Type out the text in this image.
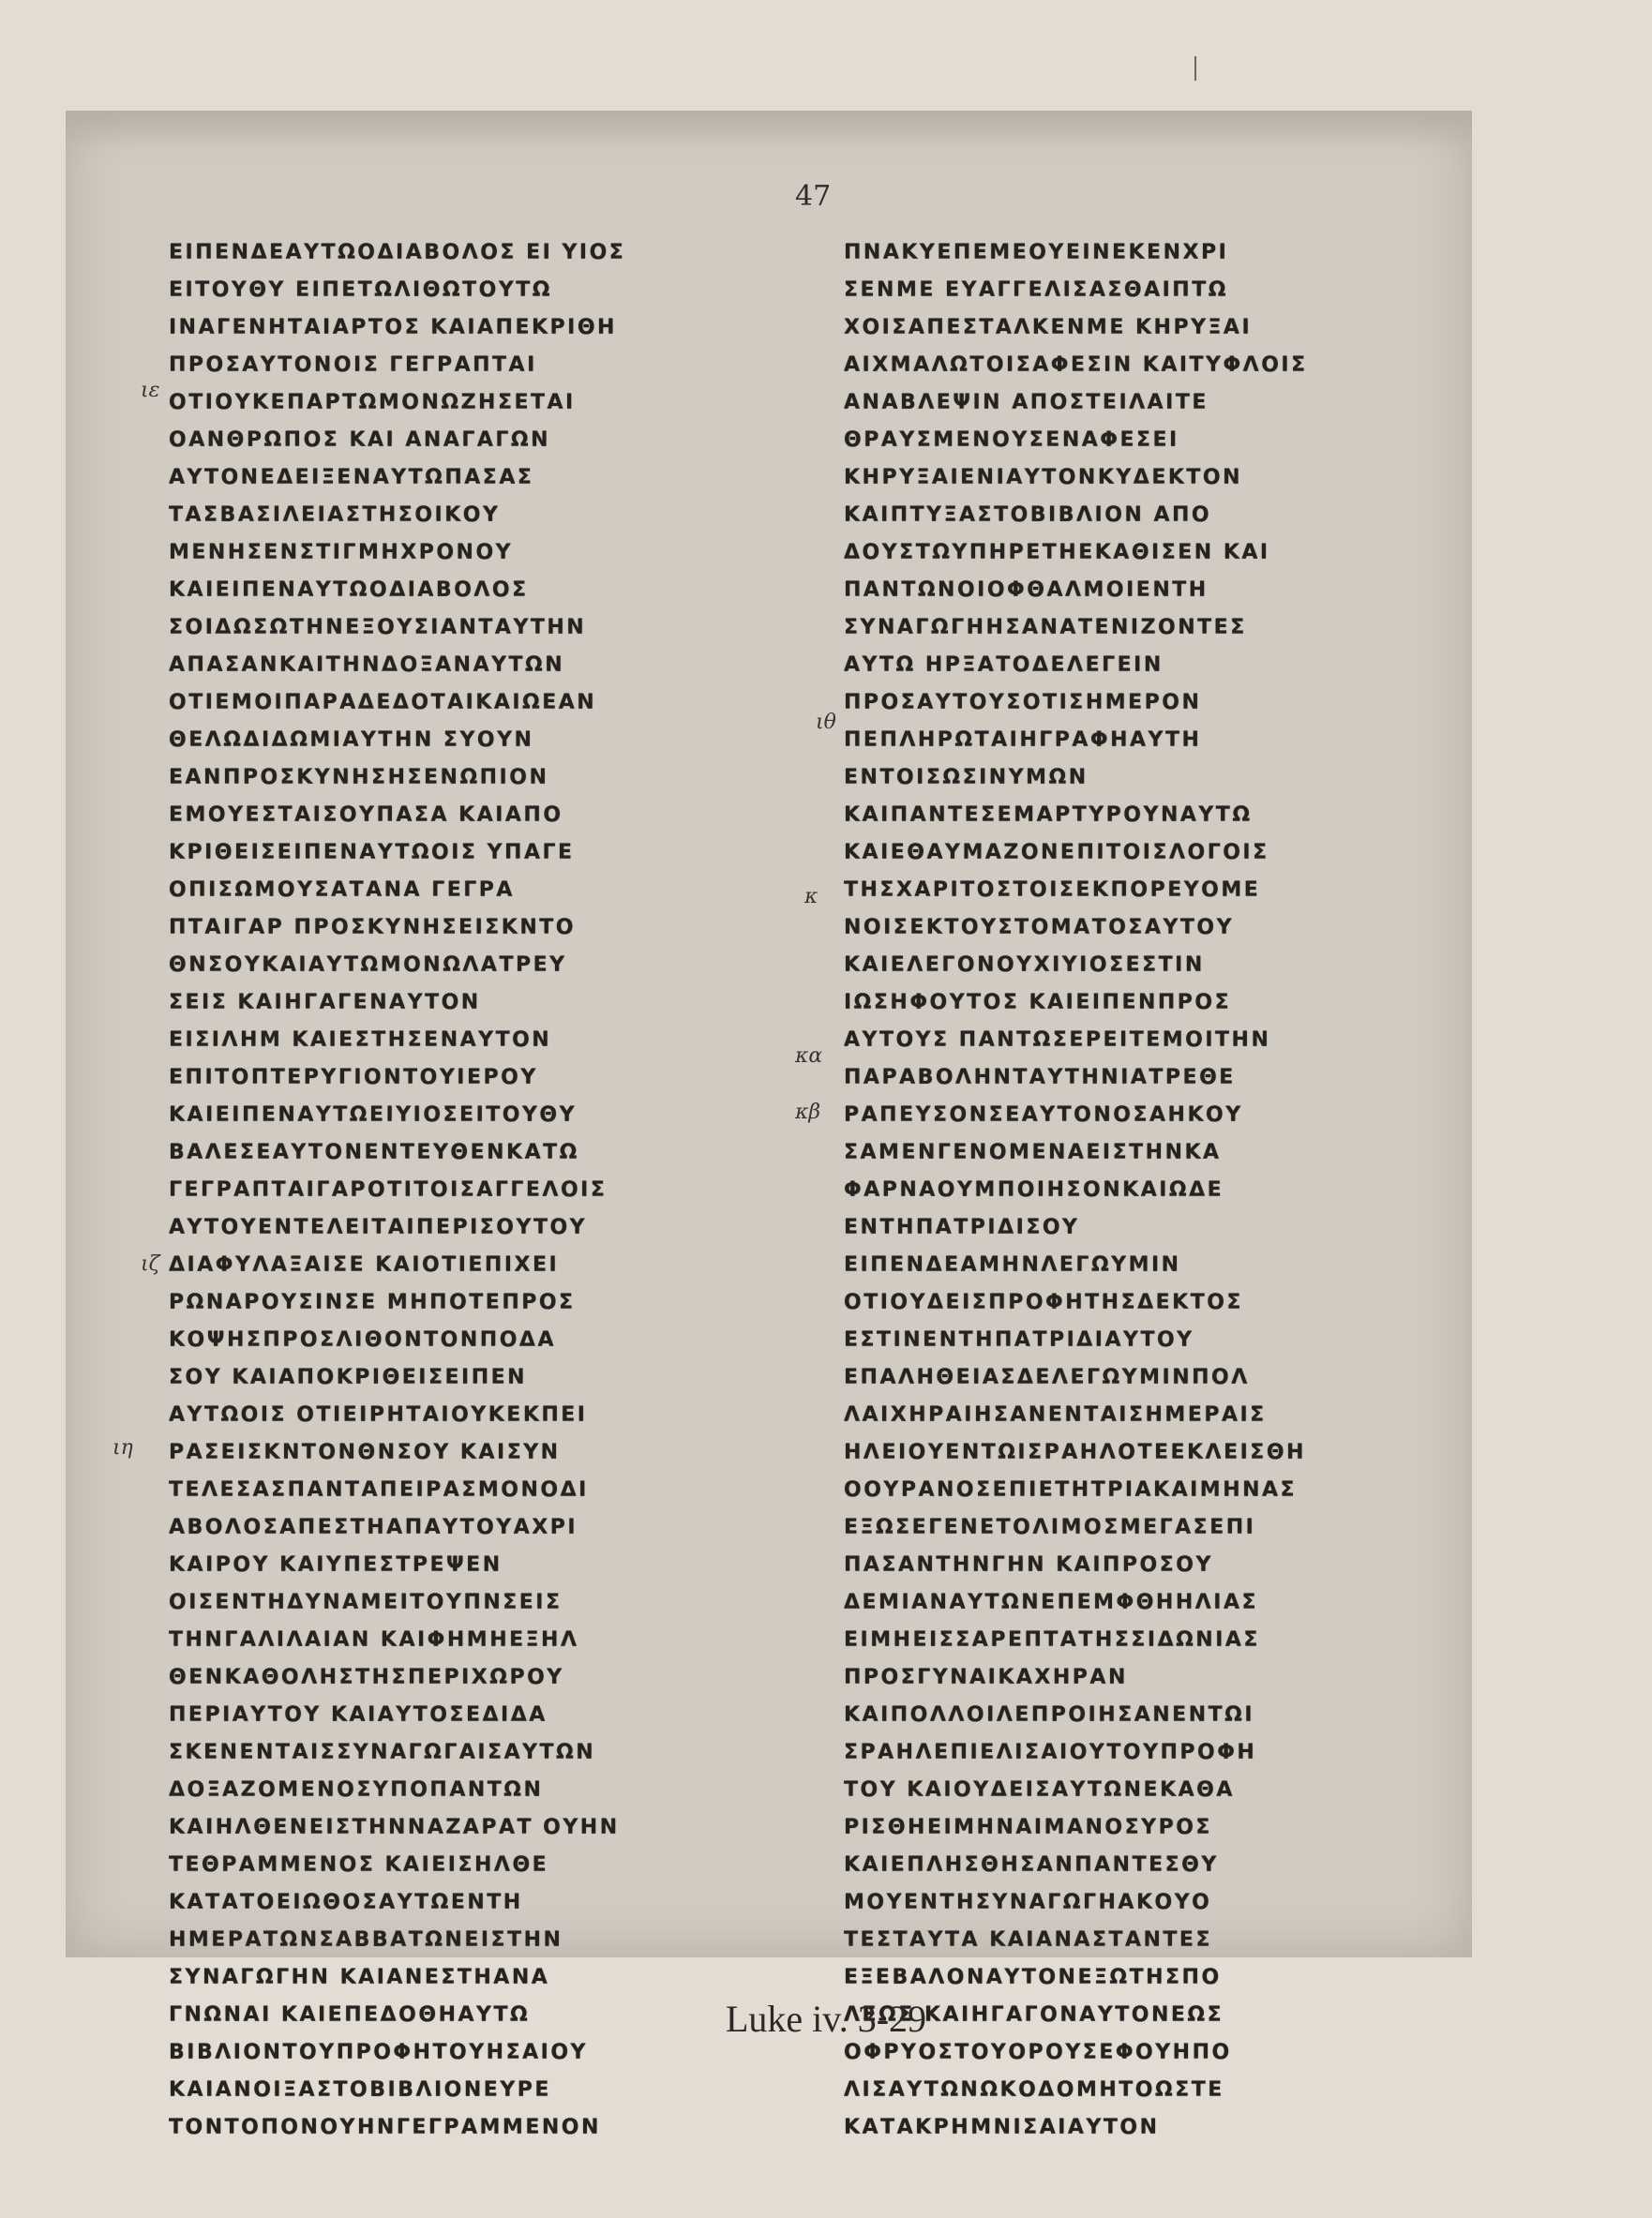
47
ΕΙΠΕΝΔΕΑΥΤΩΟΔΙΑΒΟΛΟΣ ΕΙ ΥΙΟΣ
ΕΙΤΟΥΘΥ ΕΙΠΕΤΩΛΙΘΩΤΟΥΤΩ
ΙΝΑΓΕΝΗΤΑΙΑΡΤΟΣ ΚΑΙΑΠΕΚΡΙΘΗ
ΠΡΟΣΑΥΤΟΝΟΙΣ ΓΕΓΡΑΠΤΑΙ
ΟΤΙΟΥΚΕΠΑΡΤΩΜΟΝΩΖΗΣΕΤΑΙ
ΟΑΝΘΡΩΠΟΣ ΚΑΙ ΑΝΑΓΑΓΩΝ
ΑΥΤΟΝΕΔΕΙΞΕΝΑΥΤΩΠΑΣΑΣ
ΤΑΣΒΑΣΙΛΕΙΑΣΤΗΣΟΙΚΟΥ
ΜΕΝΗΣΕΝΣΤΙΓΜΗΧΡΟΝΟΥ
ΚΑΙΕΙΠΕΝΑΥΤΩΟΔΙΑΒΟΛΟΣ
ΣΟΙΔΩΣΩΤΗΝΕΞΟΥΣΙΑΝΤΑΥΤΗΝ
ΑΠΑΣΑΝΚΑΙΤΗΝΔΟΞΑΝΑΥΤΩΝ
ΟΤΙΕΜΟΙΠΑΡΑΔΕΔΟΤΑΙΚΑΙΩΕΑΝ
ΘΕΛΩΔΙΔΩΜΙΑΥΤΗΝ ΣΥΟΥΝ
ΕΑΝΠΡΟΣΚΥΝΗΣΗΣΕΝΩΠΙΟΝ
ΕΜΟΥΕΣΤΑΙΣΟΥΠΑΣΑ ΚΑΙΑΠΟ
ΚΡΙΘΕΙΣΕΙΠΕΝΑΥΤΩΟΙΣ ΥΠΑΓΕ
ΟΠΙΣΩΜΟΥΣΑΤΑΝΑ ΓΕΓΡΑ
ΠΤΑΙΓΑΡ ΠΡΟΣΚΥΝΗΣΕΙΣΚΝΤΟ
ΘΝΣΟΥΚΑΙΑΥΤΩΜΟΝΩΛΑΤΡΕΥ
ΣΕΙΣ ΚΑΙΗΓΑΓΕΝΑΥΤΟΝ
ΕΙΣΙΛΗΜ ΚΑΙΕΣΤΗΣΕΝΑΥΤΟΝ
ΕΠΙΤΟΠΤΕΡΥΓΙΟΝΤΟΥΙΕΡΟΥ
ΚΑΙΕΙΠΕΝΑΥΤΩΕΙΥΙΟΣΕΙΤΟΥΘΥ
ΒΑΛΕΣΕΑΥΤΟΝΕΝΤΕΥΘΕΝΚΑΤΩ
ΓΕΓΡΑΠΤΑΙΓΑΡΟΤΙΤΟΙΣΑΓΓΕΛΟΙΣ
ΑΥΤΟΥΕΝΤΕΛΕΙΤΑΙΠΕΡΙΣΟΥΤΟΥ
ΔΙΑΦΥΛΑΞΑΙΣΕ ΚΑΙΟΤΙΕΠΙΧΕΙ
ΡΩΝΑΡΟΥΣΙΝΣΕ ΜΗΠΟΤΕΠΡΟΣ
ΚΟΨΗΣΠΡΟΣΛΙΘΟΝΤΟΝΠΟΔΑ
ΣΟΥ ΚΑΙΑΠΟΚΡΙΘΕΙΣΕΙΠΕΝ
ΑΥΤΩΟΙΣ ΟΤΙΕΙΡΗΤΑΙΟΥΚΕΚΠΕΙ
ΡΑΣΕΙΣΚΝΤΟΝΘΝΣΟΥ ΚΑΙΣΥΝ
ΤΕΛΕΣΑΣΠΑΝΤΑΠΕΙΡΑΣΜΟΝΟΔΙ
ΑΒΟΛΟΣΑΠΕΣΤΗΑΠΑΥΤΟΥΑΧΡΙ
ΚΑΙΡΟΥ ΚΑΙΥΠΕΣΤΡΕΨΕΝ
ΟΙΣΕΝΤΗΔΥΝΑΜΕΙΤΟΥΠΝΣΕΙΣ
ΤΗΝΓΑΛΙΛΑΙΑΝ ΚΑΙΦΗΜΗΕΞΗΛ
ΘΕΝΚΑΘΟΛΗΣΤΗΣΠΕΡΙΧΩΡΟΥ
ΠΕΡΙΑΥΤΟΥ ΚΑΙΑΥΤΟΣΕΔΙΔΑ
ΣΚΕΝΕΝΤΑΙΣΣΥΝΑΓΩΓΑΙΣΑΥΤΩΝ
ΔΟΞΑΖΟΜΕΝΟΣΥΠΟΠΑΝΤΩΝ
ΚΑΙΗΛΘΕΝΕΙΣΤΗΝΝΑΖΑΡΑΤ ΟΥΗΝ
ΤΕΘΡΑΜΜΕΝΟΣ ΚΑΙΕΙΣΗΛΘΕ
ΚΑΤΑΤΟΕΙΩΘΟΣΑΥΤΩΕΝΤΗ
ΗΜΕΡΑΤΩΝΣΑΒΒΑΤΩΝΕΙΣΤΗΝ
ΣΥΝΑΓΩΓΗΝ ΚΑΙΑΝΕΣΤΗΑΝΑ
ΓΝΩΝΑΙ ΚΑΙΕΠΕΔΟΘΗΑΥΤΩ
ΒΙΒΛΙΟΝΤΟΥΠΡΟΦΗΤΟΥΗΣΑΙΟΥ
ΚΑΙΑΝΟΙΞΑΣΤΟΒΙΒΛΙΟΝΕΥΡΕ
ΤΟΝΤΟΠΟΝΟΥΗΝΓΕΓΡΑΜΜΕΝΟΝ
ΠΝΑΚΥΕΠΕΜΕΟΥΕΙΝΕΚΕΝΧΡΙ
ΣΕΝΜΕ ΕΥΑΓΓΕΛΙΣΑΣΘΑΙΠΤΩ
ΧΟΙΣΑΠΕΣΤΑΛΚΕΝΜΕ ΚΗΡΥΞΑΙ
ΑΙΧΜΑΛΩΤΟΙΣΑΦΕΣΙΝ ΚΑΙΤΥΦΛΟΙΣ
ΑΝΑΒΛΕΨΙΝ ΑΠΟΣΤΕΙΛΑΙΤΕ
ΘΡΑΥΣΜΕΝΟΥΣΕΝΑΦΕΣΕΙ
ΚΗΡΥΞΑΙΕΝΙΑΥΤΟΝΚΥΔΕΚΤΟΝ
ΚΑΙΠΤΥΞΑΣΤΟΒΙΒΛΙΟΝ ΑΠΟ
ΔΟΥΣΤΩΥΠΗΡΕΤΗΕΚΑΘΙΣΕΝ ΚΑΙ
ΠΑΝΤΩΝΟΙΟΦΘΑΛΜΟΙΕΝΤΗ
ΣΥΝΑΓΩΓΗΗΣΑΝΑΤΕΝΙΖΟΝΤΕΣ
ΑΥΤΩ ΗΡΞΑΤΟΔΕΛΕΓΕΙΝ
ΠΡΟΣΑΥΤΟΥΣΟΤΙΣΗΜΕΡΟΝ
ΠΕΠΛΗΡΩΤΑΙΗΓΡΑΦΗΑΥΤΗ
ΕΝΤΟΙΣΩΣΙΝΥΜΩΝ
ΚΑΙΠΑΝΤΕΣΕΜΑΡΤΥΡΟΥΝΑΥΤΩ
ΚΑΙΕΘΑΥΜΑΖΟΝΕΠΙΤΟΙΣΛΟΓΟΙΣ
ΤΗΣΧΑΡΙΤΟΣΤΟΙΣΕΚΠΟΡΕΥΟΜΕ
ΝΟΙΣΕΚΤΟΥΣΤΟΜΑΤΟΣΑΥΤΟΥ
ΚΑΙΕΛΕΓΟΝΟΥΧΙΥΙΟΣΕΣΤΙΝ
ΙΩΣΗΦΟΥΤΟΣ ΚΑΙΕΙΠΕΝΠΡΟΣ
ΑΥΤΟΥΣ ΠΑΝΤΩΣΕΡΕΙΤΕΜΟΙΤΗΝ
ΠΑΡΑΒΟΛΗΝΤΑΥΤΗΝΙΑΤΡΕΘΕ
ΡΑΠΕΥΣΟΝΣΕΑΥΤΟΝΟΣΑΗΚΟΥ
ΣΑΜΕΝΓΕΝΟΜΕΝΑΕΙΣΤΗΝΚΑ
ΦΑΡΝΑΟΥΜΠΟΙΗΣΟΝΚΑΙΩΔΕ
ΕΝΤΗΠΑΤΡΙΔΙΣΟΥ
ΕΙΠΕΝΔΕΑΜΗΝΛΕΓΩΥΜΙΝ
ΟΤΙΟΥΔΕΙΣΠΡΟΦΗΤΗΣΔΕΚΤΟΣ
ΕΣΤΙΝΕΝΤΗΠΑΤΡΙΔΙΑΥΤΟΥ
ΕΠΑΛΗΘΕΙΑΣΔΕΛΕΓΩΥΜΙΝΠΟΛ
ΛΑΙΧΗΡΑΙΗΣΑΝΕΝΤΑΙΣΗΜΕΡΑΙΣ
ΗΛΕΙΟΥΕΝΤΩΙΣΡΑΗΛΟΤΕΕΚΛΕΙΣΘΗ
ΟΟΥΡΑΝΟΣΕΠΙΕΤΗΤΡΙΑΚΑΙΜΗΝΑΣ
ΕΞΩΣΕΓΕΝΕΤΟΛΙΜΟΣΜΕΓΑΣΕΠΙ
ΠΑΣΑΝΤΗΝΓΗΝ ΚΑΙΠΡΟΣΟΥ
ΔΕΜΙΑΝΑΥΤΩΝΕΠΕΜΦΘΗΗΛΙΑΣ
ΕΙΜΗΕΙΣΣΑΡΕΠΤΑΤΗΣΣΙΔΩΝΙΑΣ
ΠΡΟΣΓΥΝΑΙΚΑΧΗΡΑΝ
ΚΑΙΠΟΛΛΟΙΛΕΠΡΟΙΗΣΑΝΕΝΤΩΙ
ΣΡΑΗΛΕΠΙΕΛΙΣΑΙΟΥΤΟΥΠΡΟΦΗ
ΤΟΥ ΚΑΙΟΥΔΕΙΣΑΥΤΩΝΕΚΑΘΑ
ΡΙΣΘΗΕΙΜΗΝΑΙΜΑΝΟΣΥΡΟΣ
ΚΑΙΕΠΛΗΣΘΗΣΑΝΠΑΝΤΕΣΘΥ
ΜΟΥΕΝΤΗΣΥΝΑΓΩΓΗΑΚΟΥΟ
ΤΕΣΤΑΥΤΑ ΚΑΙΑΝΑΣΤΑΝΤΕΣ
ΕΞΕΒΑΛΟΝΑΥΤΟΝΕΞΩΤΗΣΠΟ
ΛΕΩΣ ΚΑΙΗΓΑΓΟΝΑΥΤΟΝΕΩΣ
ΟΦΡΥΟΣΤΟΥΟΡΟΥΣΕΦΟΥΗΠΟ
ΛΙΣΑΥΤΩΝΩΚΟΔΟΜΗΤΟΩΣΤΕ
ΚΑΤΑΚΡΗΜΝΙΣΑΙΑΥΤΟΝ
ιε
ιζ
ιη
ιθ
κ
κα
κβ
Luke iv. 3-29
